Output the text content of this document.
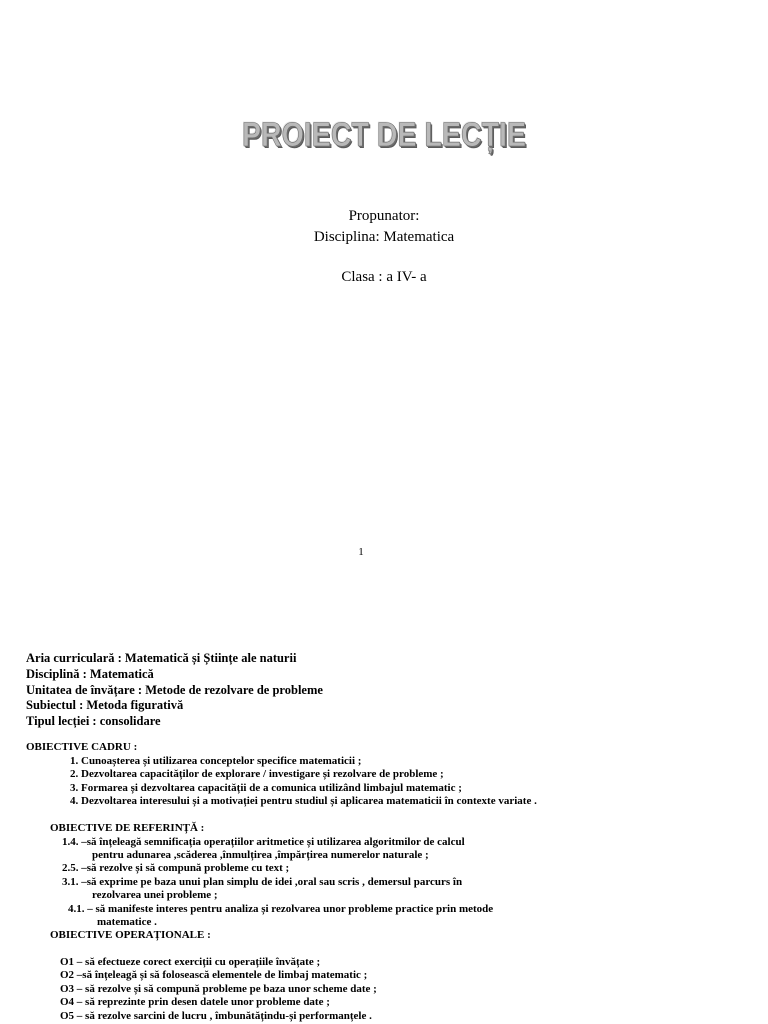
PROIECT DE LECȚIE
Propunator:
Disciplina: Matematica
Clasa : a IV- a
1
Aria curriculară : Matematică și Științe ale naturii
Disciplină : Matematică
Unitatea de învățare : Metode de rezolvare de probleme
Subiectul : Metoda figurativă
Tipul lecției : consolidare
OBIECTIVE CADRU :
1. Cunoașterea și utilizarea conceptelor specifice matematicii ;
2. Dezvoltarea capacităților de explorare / investigare și rezolvare de probleme ;
3. Formarea și dezvoltarea capacității de a comunica utilizând limbajul matematic ;
4. Dezvoltarea interesului și a motivației pentru studiul și aplicarea matematicii în contexte variate .
OBIECTIVE DE REFERINȚĂ :
1.4. –să înțeleagă semnificația operațiilor aritmetice și utilizarea algoritmilor de calcul
pentru adunarea ,scăderea ,înmulțirea ,împărțirea numerelor naturale ;
2.5. –să rezolve și să compună probleme cu text ;
3.1. –să exprime pe baza unui plan simplu de idei ,oral sau scris , demersul parcurs în
rezolvarea unei probleme ;
4.1. – să manifeste interes pentru analiza și rezolvarea unor probleme practice prin metode
matematice .
OBIECTIVE OPERAȚIONALE :
O1 – să efectueze corect exerciții cu operațiile învățate ;
O2 –să înțeleagă și să folosească elementele de limbaj matematic ;
O3 – să rezolve și să compună probleme pe baza unor scheme date ;
O4 – să reprezinte prin desen datele unor probleme date ;
O5 – să rezolve sarcini de lucru , îmbunătățindu-și performanțele .
